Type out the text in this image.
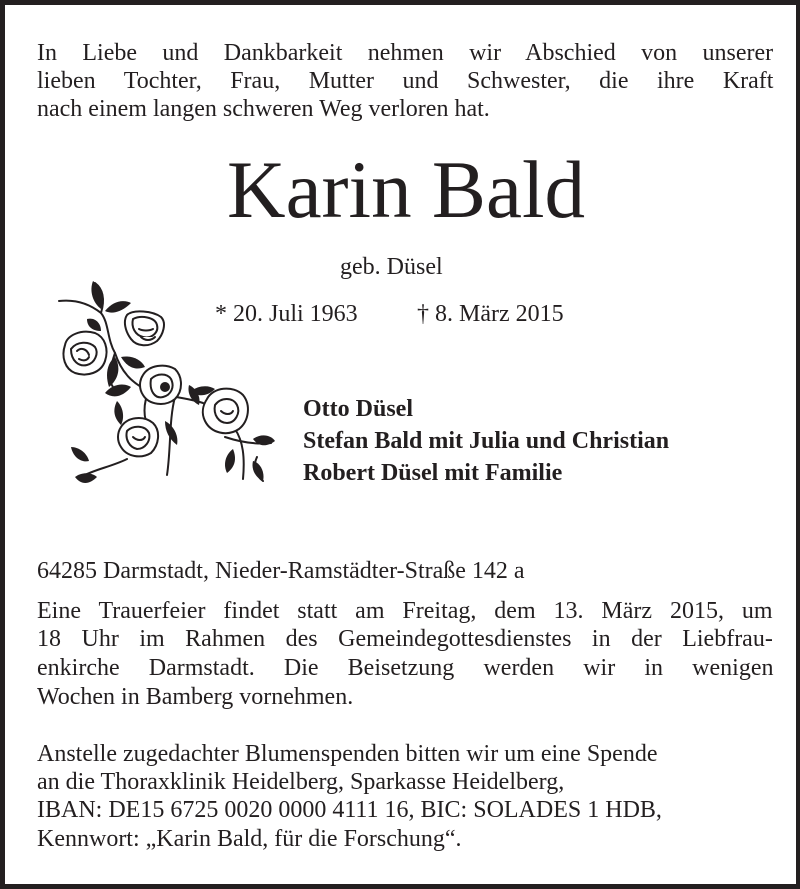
In Liebe und Dankbarkeit nehmen wir Abschied von unserer
lieben Tochter, Frau, Mutter und Schwester, die ihre Kraft
nach einem langen schweren Weg verloren hat.
Karin Bald
geb. Düsel
* 20. Juli 1963 † 8. März 2015
Otto Düsel
Stefan Bald mit Julia und Christian
Robert Düsel mit Familie
64285 Darmstadt, Nieder-Ramstädter-Straße 142 a
Eine Trauerfeier findet statt am Freitag, dem 13. März 2015, um
18 Uhr im Rahmen des Gemeindegottesdienstes in der Liebfrau-
enkirche Darmstadt. Die Beisetzung werden wir in wenigen
Wochen in Bamberg vornehmen.
Anstelle zugedachter Blumenspenden bitten wir um eine Spende
an die Thoraxklinik Heidelberg, Sparkasse Heidelberg,
IBAN: DE15 6725 0020 0000 4111 16, BIC: SOLADES 1 HDB,
Kennwort: „Karin Bald, für die Forschung“.
